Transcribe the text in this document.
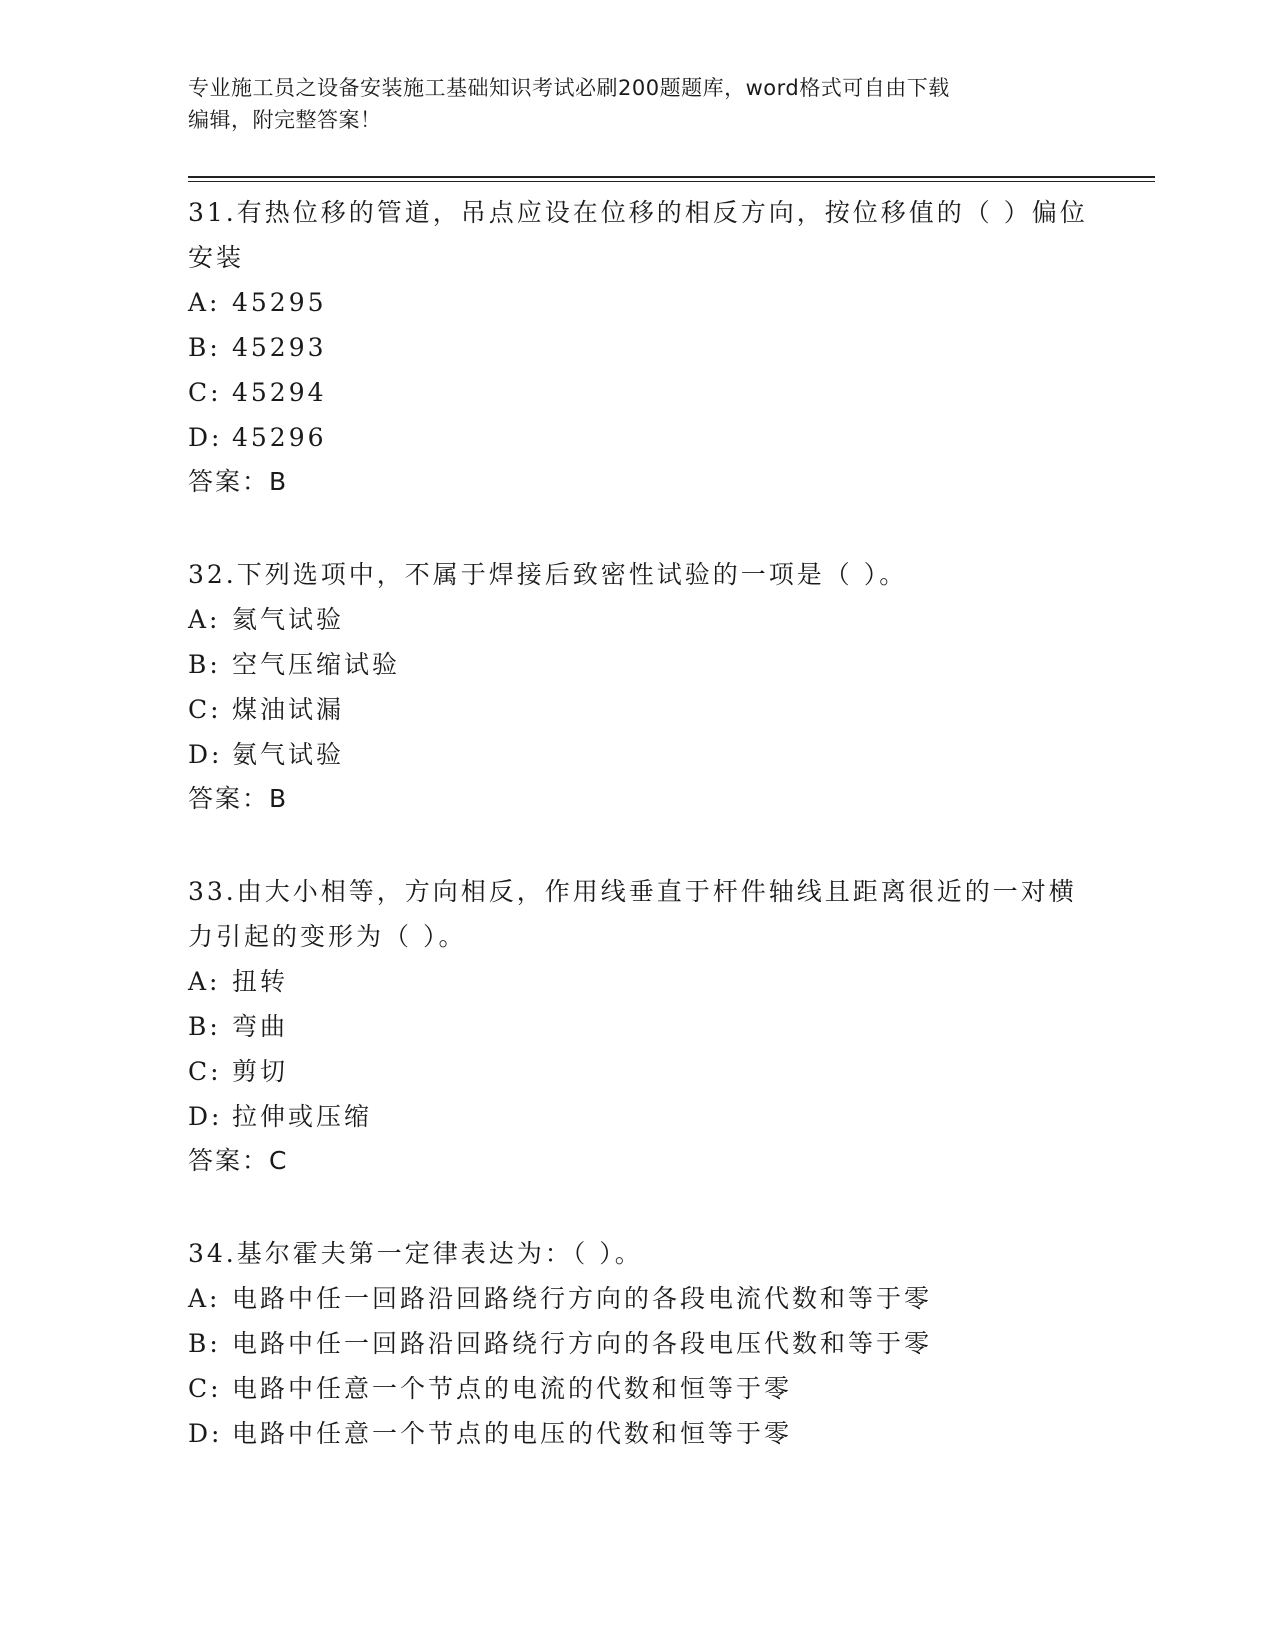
专业施工员之设备安装施工基础知识考试必刷200题题库，word格式可自由下载
编辑，附完整答案！
31.有热位移的管道，吊点应设在位移的相反方向，按位移值的（ ）偏位安装
A: 45295
B: 45293
C: 45294
D: 45296
答案：B
32.下列选项中，不属于焊接后致密性试验的一项是（ ）。
A: 氦气试验
B: 空气压缩试验
C: 煤油试漏
D: 氨气试验
答案：B
33.由大小相等，方向相反，作用线垂直于杆件轴线且距离很近的一对横力引起的变形为（ ）。
A: 扭转
B: 弯曲
C: 剪切
D: 拉伸或压缩
答案：C
34.基尔霍夫第一定律表达为：（ ）。
A: 电路中任一回路沿回路绕行方向的各段电流代数和等于零
B: 电路中任一回路沿回路绕行方向的各段电压代数和等于零
C: 电路中任意一个节点的电流的代数和恒等于零
D: 电路中任意一个节点的电压的代数和恒等于零
